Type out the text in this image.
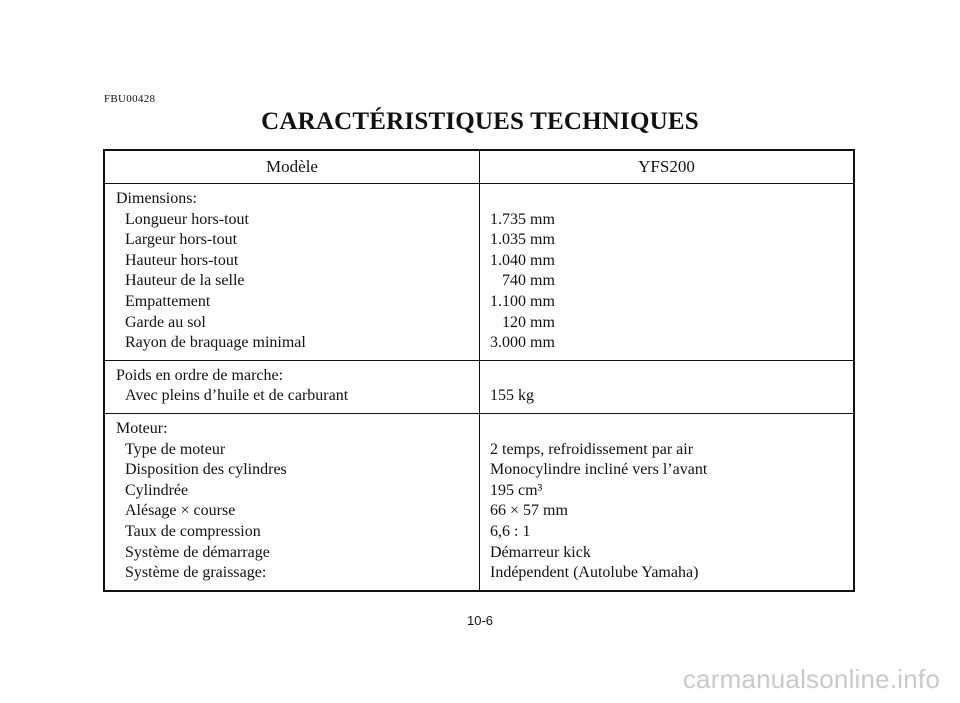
FBU00428
CARACTÉRISTIQUES TECHNIQUES
Modèle	YFS200
Dimensions:
Longueur hors-tout
Largeur hors-tout
Hauteur hors-tout
Hauteur de la selle
Empattement
Garde au sol
Rayon de braquage minimal
1.735 mm
1.035 mm
1.040 mm
740 mm
1.100 mm
120 mm
3.000 mm
Poids en ordre de marche:
Avec pleins d’huile et de carburant	155 kg
Moteur:
Type de moteur
Disposition des cylindres
Cylindrée
Alésage × course
Taux de compression
Système de démarrage
Système de graissage:
2 temps, refroidissement par air
Monocylindre incliné vers l’avant
195 cm³
66 × 57 mm
6,6 : 1
Démarreur kick
Indépendent (Autolube Yamaha)
10-6
carmanualsonline.info
